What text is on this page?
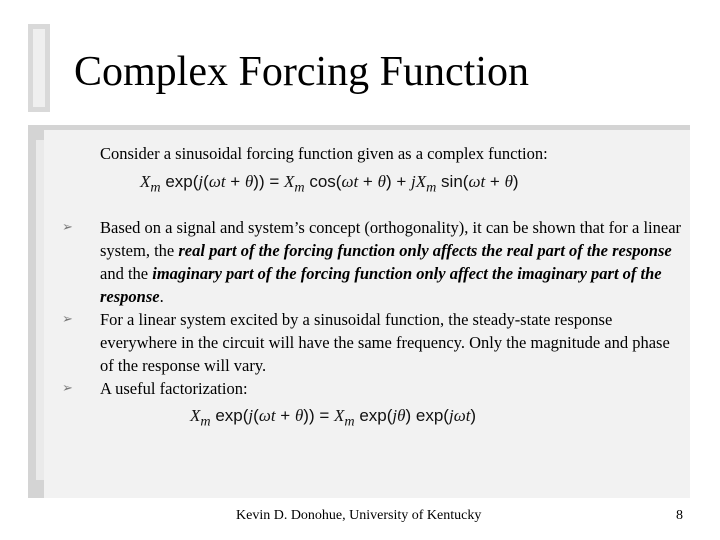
Complex Forcing Function
Consider a sinusoidal forcing function given as a complex function:
$X_m$ $\exp(j(\omega t + \theta)) = X_m$ $\cos(\omega t + \theta) + jX_m$ sin(ωt + θ)
➢ Based on a signal and system’s concept (orthogonality), it can be shown that for a linear system, the real part of the forcing function only affects the real part of the response and the imaginary part of the forcing function only affect the imaginary part of the response.
➢ For a linear system excited by a sinusoidal function, the steady-state response everywhere in the circuit will have the same frequency. Only the magnitude and phase of the response will vary.
➢ A useful factorization:
$X_m$ $\exp(j(\omega t + \theta)) = X_m$ exp(jθ) exp(jωt)
Kevin D. Donohue, University of Kentucky	8
